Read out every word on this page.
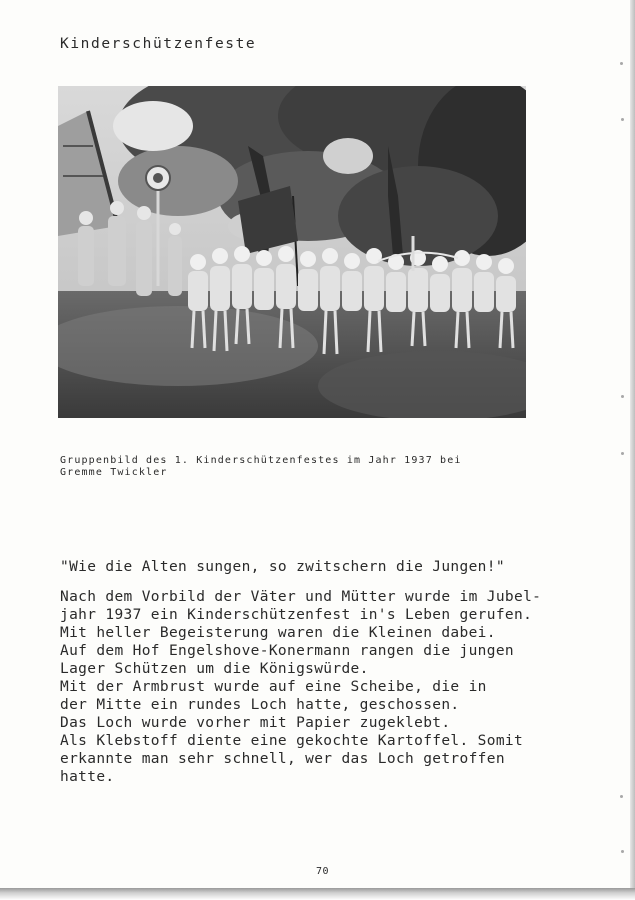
Kinderschützenfeste
Gruppenbild des 1. Kinderschützenfestes im Jahr 1937 bei
Gremme Twickler
"Wie die Alten sungen, so zwitschern die Jungen!"
Nach dem Vorbild der Väter und Mütter wurde im Jubel-
jahr 1937 ein Kinderschützenfest in's Leben gerufen.
Mit heller Begeisterung waren die Kleinen dabei.
Auf dem Hof Engelshove-Konermann rangen die jungen
Lager Schützen um die Königswürde.
Mit der Armbrust wurde auf eine Scheibe, die in
der Mitte ein rundes Loch hatte, geschossen.
Das Loch wurde vorher mit Papier zugeklebt.
Als Klebstoff diente eine gekochte Kartoffel. Somit
erkannte man sehr schnell, wer das Loch getroffen
hatte.
70
